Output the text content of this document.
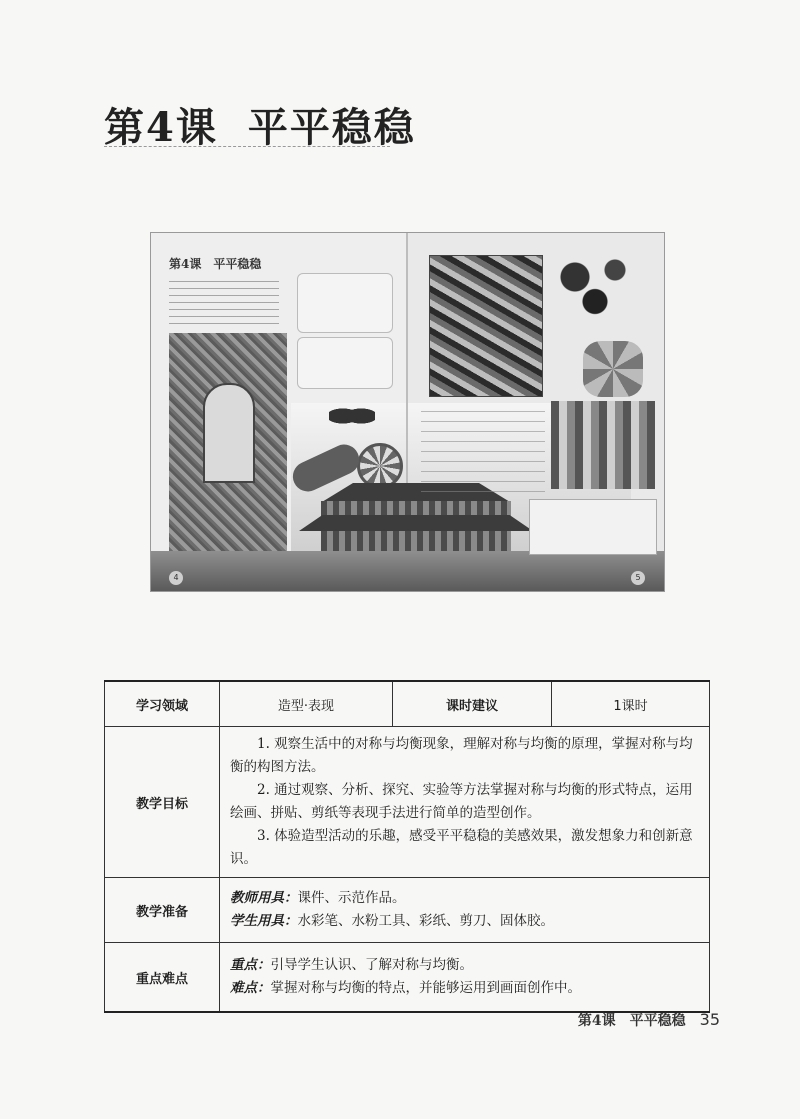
第4课 平平稳稳
第4课　平平稳稳
4	5
学习领域	造型·表现	课时建议	1课时
教学目标	1. 观察生活中的对称与均衡现象，理解对称与均衡的原理，掌握对称与均衡的构图方法。

2. 通过观察、分析、探究、实验等方法掌握对称与均衡的形式特点，运用绘画、拼贴、剪纸等表现手法进行简单的造型创作。

3. 体验造型活动的乐趣，感受平平稳稳的美感效果，激发想象力和创新意识。		

教学准备	教师用具：课件、示范作品。
学生用具：水彩笔、水粉工具、彩纸、剪刀、固体胶。		

重点难点	重点：引导学生认识、了解对称与均衡。
难点：掌握对称与均衡的特点，并能够运用到画面创作中。		
第4课　平平稳稳 35
